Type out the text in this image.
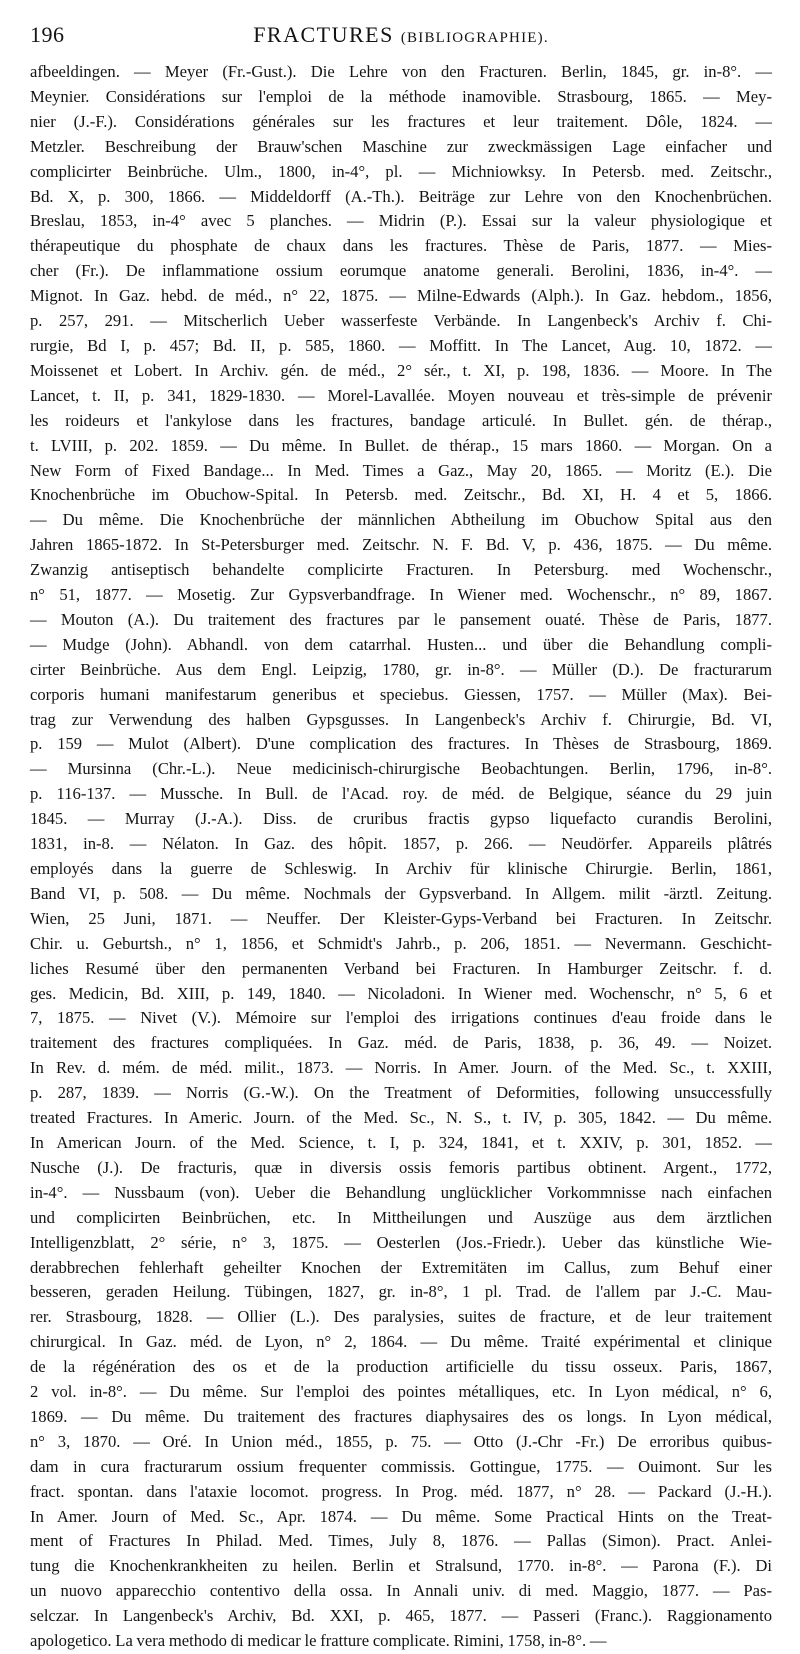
196	FRACTURES (BIBLIOGRAPHIE).
afbeeldingen. — Meyer (Fr.-Gust.). Die Lehre von den Fracturen. Berlin, 1845, gr. in-8°. —
Meynier. Considérations sur l'emploi de la méthode inamovible. Strasbourg, 1865. — Mey-
nier (J.-F.). Considérations générales sur les fractures et leur traitement. Dôle, 1824. —
Metzler. Beschreibung der Brauw'schen Maschine zur zweckmässigen Lage einfacher und
complicirter Beinbrüche. Ulm., 1800, in-4°, pl. — Michniowksy. In Petersb. med. Zeitschr.,
Bd. X, p. 300, 1866. — Middeldorff (A.-Th.). Beiträge zur Lehre von den Knochenbrüchen.
Breslau, 1853, in-4° avec 5 planches. — Midrin (P.). Essai sur la valeur physiologique et
thérapeutique du phosphate de chaux dans les fractures. Thèse de Paris, 1877. — Mies-
cher (Fr.). De inflammatione ossium eorumque anatome generali. Berolini, 1836, in-4°. —
Mignot. In Gaz. hebd. de méd., n° 22, 1875. — Milne-Edwards (Alph.). In Gaz. hebdom., 1856,
p. 257, 291. — Mitscherlich Ueber wasserfeste Verbände. In Langenbeck's Archiv f. Chi-
rurgie, Bd I, p. 457; Bd. II, p. 585, 1860. — Moffitt. In The Lancet, Aug. 10, 1872. —
Moissenet et Lobert. In Archiv. gén. de méd., 2° sér., t. XI, p. 198, 1836. — Moore. In The
Lancet, t. II, p. 341, 1829-1830. — Morel-Lavallée. Moyen nouveau et très-simple de prévenir
les roideurs et l'ankylose dans les fractures, bandage articulé. In Bullet. gén. de thérap.,
t. LVIII, p. 202. 1859. — Du même. In Bullet. de thérap., 15 mars 1860. — Morgan. On a
New Form of Fixed Bandage... In Med. Times a Gaz., May 20, 1865. — Moritz (E.). Die
Knochenbrüche im Obuchow-Spital. In Petersb. med. Zeitschr., Bd. XI, H. 4 et 5, 1866.
— Du même. Die Knochenbrüche der männlichen Abtheilung im Obuchow Spital aus den
Jahren 1865-1872. In St-Petersburger med. Zeitschr. N. F. Bd. V, p. 436, 1875. — Du même.
Zwanzig antiseptisch behandelte complicirte Fracturen. In Petersburg. med Wochenschr.,
n° 51, 1877. — Mosetig. Zur Gypsverbandfrage. In Wiener med. Wochenschr., n° 89, 1867.
— Mouton (A.). Du traitement des fractures par le pansement ouaté. Thèse de Paris, 1877.
— Mudge (John). Abhandl. von dem catarrhal. Husten... und über die Behandlung compli-
cirter Beinbrüche. Aus dem Engl. Leipzig, 1780, gr. in-8°. — Müller (D.). De fracturarum
corporis humani manifestarum generibus et speciebus. Giessen, 1757. — Müller (Max). Bei-
trag zur Verwendung des halben Gypsgusses. In Langenbeck's Archiv f. Chirurgie, Bd. VI,
p. 159 — Mulot (Albert). D'une complication des fractures. In Thèses de Strasbourg, 1869.
— Mursinna (Chr.-L.). Neue medicinisch-chirurgische Beobachtungen. Berlin, 1796, in-8°.
p. 116-137. — Mussche. In Bull. de l'Acad. roy. de méd. de Belgique, séance du 29 juin
1845. — Murray (J.-A.). Diss. de cruribus fractis gypso liquefacto curandis Berolini,
1831, in-8. — Nélaton. In Gaz. des hôpit. 1857, p. 266. — Neudörfer. Appareils plâtrés
employés dans la guerre de Schleswig. In Archiv für klinische Chirurgie. Berlin, 1861,
Band VI, p. 508. — Du même. Nochmals der Gypsverband. In Allgem. milit -ärztl. Zeitung.
Wien, 25 Juni, 1871. — Neuffer. Der Kleister-Gyps-Verband bei Fracturen. In Zeitschr.
Chir. u. Geburtsh., n° 1, 1856, et Schmidt's Jahrb., p. 206, 1851. — Nevermann. Geschicht-
liches Resumé über den permanenten Verband bei Fracturen. In Hamburger Zeitschr. f. d.
ges. Medicin, Bd. XIII, p. 149, 1840. — Nicoladoni. In Wiener med. Wochenschr, n° 5, 6 et
7, 1875. — Nivet (V.). Mémoire sur l'emploi des irrigations continues d'eau froide dans le
traitement des fractures compliquées. In Gaz. méd. de Paris, 1838, p. 36, 49. — Noizet.
In Rev. d. mém. de méd. milit., 1873. — Norris. In Amer. Journ. of the Med. Sc., t. XXIII,
p. 287, 1839. — Norris (G.-W.). On the Treatment of Deformities, following unsuccessfully
treated Fractures. In Americ. Journ. of the Med. Sc., N. S., t. IV, p. 305, 1842. — Du même.
In American Journ. of the Med. Science, t. I, p. 324, 1841, et t. XXIV, p. 301, 1852. —
Nusche (J.). De fracturis, quæ in diversis ossis femoris partibus obtinent. Argent., 1772,
in-4°. — Nussbaum (von). Ueber die Behandlung unglücklicher Vorkommnisse nach einfachen
und complicirten Beinbrüchen, etc. In Mittheilungen und Auszüge aus dem ärztlichen
Intelligenzblatt, 2° série, n° 3, 1875. — Oesterlen (Jos.-Friedr.). Ueber das künstliche Wie-
derabbrechen fehlerhaft geheilter Knochen der Extremitäten im Callus, zum Behuf einer
besseren, geraden Heilung. Tübingen, 1827, gr. in-8°, 1 pl. Trad. de l'allem par J.-C. Mau-
rer. Strasbourg, 1828. — Ollier (L.). Des paralysies, suites de fracture, et de leur traitement
chirurgical. In Gaz. méd. de Lyon, n° 2, 1864. — Du même. Traité expérimental et clinique
de la régénération des os et de la production artificielle du tissu osseux. Paris, 1867,
2 vol. in-8°. — Du même. Sur l'emploi des pointes métalliques, etc. In Lyon médical, n° 6,
1869. — Du même. Du traitement des fractures diaphysaires des os longs. In Lyon médical,
n° 3, 1870. — Oré. In Union méd., 1855, p. 75. — Otto (J.-Chr -Fr.) De erroribus quibus-
dam in cura fracturarum ossium frequenter commissis. Gottingue, 1775. — Ouimont. Sur les
fract. spontan. dans l'ataxie locomot. progress. In Prog. méd. 1877, n° 28. — Packard (J.-H.).
In Amer. Journ of Med. Sc., Apr. 1874. — Du même. Some Practical Hints on the Treat-
ment of Fractures In Philad. Med. Times, July 8, 1876. — Pallas (Simon). Pract. Anlei-
tung die Knochenkrankheiten zu heilen. Berlin et Stralsund, 1770. in-8°. — Parona (F.). Di
un nuovo apparecchio contentivo della ossa. In Annali univ. di med. Maggio, 1877. — Pas-
selczar. In Langenbeck's Archiv, Bd. XXI, p. 465, 1877. — Passeri (Franc.). Raggionamento
apologetico. La vera methodo di medicar le fratture complicate. Rimini, 1758, in-8°. —
